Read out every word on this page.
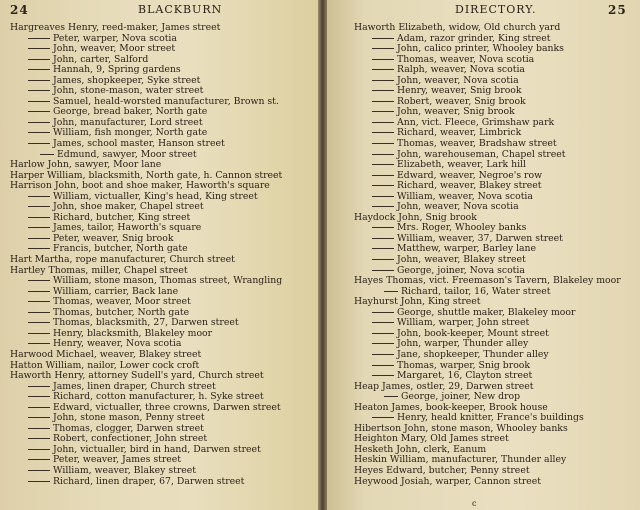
24	BLACKBURN
Hargreaves Henry, reed-maker, James street
Peter, warper, Nova scotia
John, weaver, Moor street
John, carter, Salford
Hannah, 9, Spring gardens
James, shopkeeper, Syke street
John, stone-mason, water street
Samuel, heald-worsted manufacturer, Brown st.
George, bread baker, North gate
John, manufacturer, Lord street
William, fish monger, North gate
James, school master, Hanson street
Edmund, sawyer, Moor street
Harlow John, sawyer, Moor lane
Harper William, blacksmith, North gate, h. Cannon street
Harrison John, boot and shoe maker, Haworth's square
William, victualler, King's head, King street
John, shoe maker, Chapel street
Richard, butcher, King street
James, tailor, Haworth's square
Peter, weaver, Snig brook
Francis, butcher, North gate
Hart Martha, rope manufacturer, Church street
Hartley Thomas, miller, Chapel street
William, stone mason, Thomas street, Wrangling
William, carrier, Back lane
Thomas, weaver, Moor street
Thomas, butcher, North gate
Thomas, blacksmith, 27, Darwen street
Henry, blacksmith, Blakeley moor
Henry, weaver, Nova scotia
Harwood Michael, weaver, Blakey street
Hatton William, nailor, Lower cock croft
Haworth Henry, attorney Sudell's yard, Church street
James, linen draper, Church street
Richard, cotton manufacturer, h. Syke street
Edward, victualler, three crowns, Darwen street
John, stone mason, Penny street
Thomas, clogger, Darwen street
Robert, confectioner, John street
John, victualler, bird in hand, Darwen street
Peter, weaver, James street
William, weaver, Blakey street
Richard, linen draper, 67, Darwen street
DIRECTORY.	25
Haworth Elizabeth, widow, Old church yard
Adam, razor grinder, King street
John, calico printer, Whooley banks
Thomas, weaver, Nova scotia
Ralph, weaver, Nova scotia
John, weaver, Nova scotia
Henry, weaver, Snig brook
Robert, weaver, Snig brook
John, weaver, Snig brook
Ann, vict. Fleece, Grimshaw park
Richard, weaver, Limbrick
Thomas, weaver, Bradshaw street
John, warehouseman, Chapel street
Elizabeth, weaver, Lark hill
Edward, weaver, Negroe's row
Richard, weaver, Blakey street
William, weaver, Nova scotia
John, weaver, Nova scotia
Haydock John, Snig brook
Mrs. Roger, Whooley banks
William, weaver, 37, Darwen street
Matthew, warper, Barley lane
John, weaver, Blakey street
George, joiner, Nova scotia
Hayes Thomas, vict. Freemason's Tavern, Blakeley moor
Richard, tailor, 16, Water street
Hayhurst John, King street
George, shuttle maker, Blakeley moor
William, warper, John street
John, book-keeper, Mount street
John, warper, Thunder alley
Jane, shopkeeper, Thunder alley
Thomas, warper, Snig brook
Margaret, 16, Clayton street
Heap James, ostler, 29, Darwen street
George, joiner, New drop
Heaton James, book-keeper, Brook house
Henry, heald knitter, France's buildings
Hibertson John, stone mason, Whooley banks
Heighton Mary, Old James street
Hesketh John, clerk, Eanum
Heskin William, manufacturer, Thunder alley
Heyes Edward, butcher, Penny street
Heywood Josiah, warper, Cannon street
c
